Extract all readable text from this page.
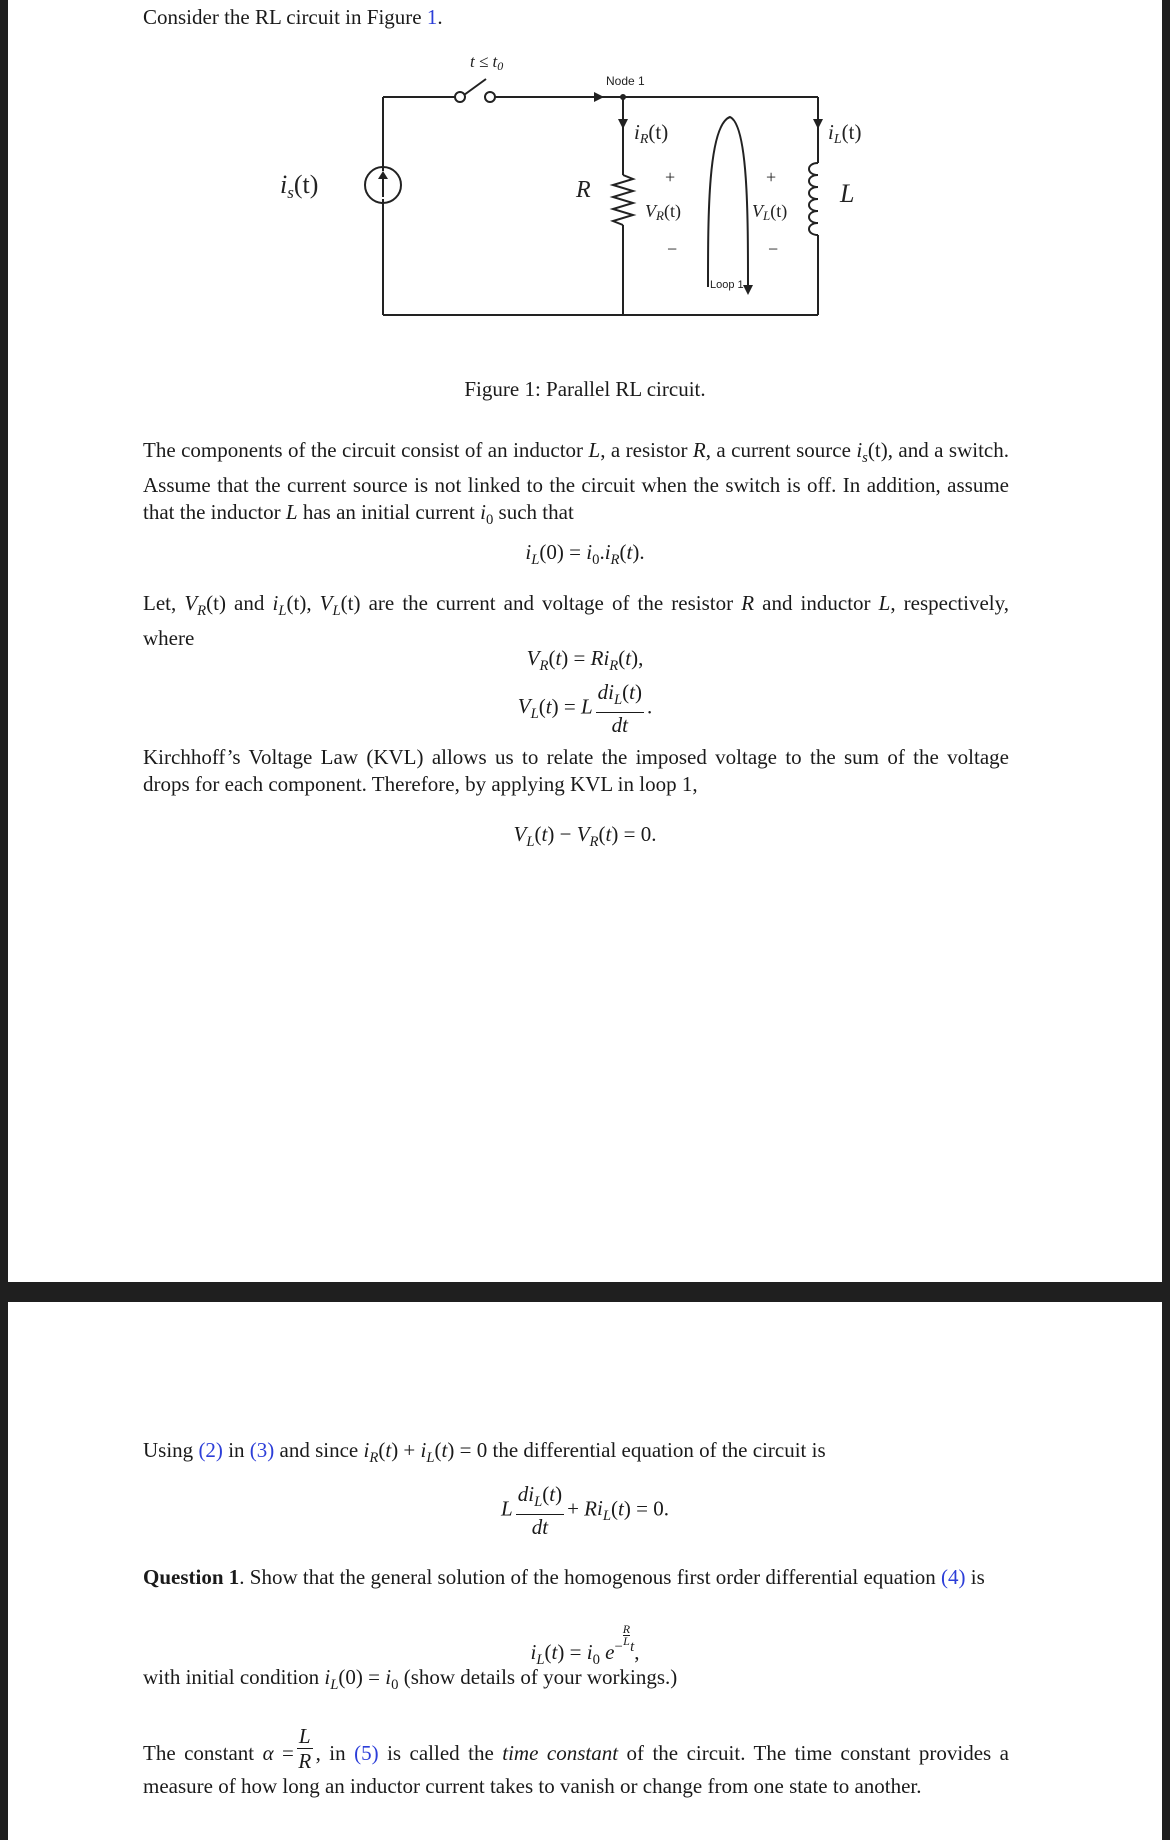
Consider the RL circuit in Figure 1.
t ≤ t0
Node 1
is(t)	R	L
iR(t)	iL(t)
+
VR(t)
−
+
VL(t)
−
Loop 1
Figure 1: Parallel RL circuit.
The components of the circuit consist of an inductor L, a resistor R, a current source $i_s(t)$, and a switch. Assume that the current source is not linked to the circuit when the switch is off. In addition, assume that the inductor L has an initial current $i_0$ such that
$i_L(0) = i_0.i_R(t)$.
Let, $V_R(t)$ and $i_L(t)$, $V_L(t)$ are the current and voltage of the resistor R and inductor L, respectively, where
$V_R(t) = Ri_R(t)$,
$V_L(t) = L \frac{di_L(t)}{dt}$ .
Kirchhoff’s Voltage Law (KVL) allows us to relate the imposed voltage to the sum of the voltage drops for each component. Therefore, by applying KVL in loop 1,
$V_L(t) - V_R(t) = 0$.
Using (2) in (3) and since $i_R(t) + i_L(t) = 0$ the differential equation of the circuit is
L $\frac{di_L(t)}{dt} + Ri_L(t) = 0$.
Question 1. Show that the general solution of the homogenous first order differential equation (4) is
$i_L(t) = i_0$ $e^{- \frac{R}{L}t}$,
with initial condition $i_L(0) = i_0$ (show details of your workings.)
The constant $\alpha = \frac{L}{R}$ , in (5) is called the time constant of the circuit. The time constant provides a measure of how long an inductor current takes to vanish or change from one state to another.
